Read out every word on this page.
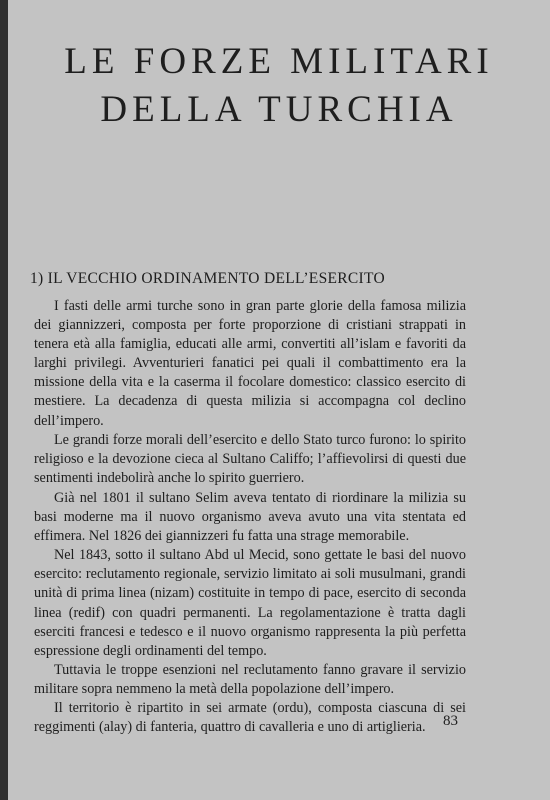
LE FORZE MILITARI
DELLA TURCHIA
1) IL VECCHIO ORDINAMENTO DELL’ESERCITO

I fasti delle armi turche sono in gran parte glorie della famosa milizia dei giannizzeri, composta per forte proporzione di cristiani strappati in tenera età alla famiglia, educati alle armi, convertiti all’islam e favoriti da larghi privilegi. Avventurieri fanatici pei quali il combattimento era la missione della vita e la caserma il focolare domestico: classico esercito di mestiere. La decadenza di questa milizia si accompagna col declino dell’impero.

Le grandi forze morali dell’esercito e dello Stato turco furono: lo spirito religioso e la devozione cieca al Sultano Califfo; l’affievolirsi di questi due sentimenti indebolirà anche lo spirito guerriero.

Già nel 1801 il sultano Selim aveva tentato di riordinare la milizia su basi moderne ma il nuovo organismo aveva avuto una vita stentata ed effimera. Nel 1826 dei giannizzeri fu fatta una strage memorabile.

Nel 1843, sotto il sultano Abd ul Mecid, sono gettate le basi del nuovo esercito: reclutamento regionale, servizio limitato ai soli musulmani, grandi unità di prima linea (nizam) costituite in tempo di pace, esercito di seconda linea (redif) con quadri permanenti. La regolamentazione è tratta dagli eserciti francesi e tedesco e il nuovo organismo rappresenta la più perfetta espressione degli ordinamenti del tempo.

Tuttavia le troppe esenzioni nel reclutamento fanno gravare il servizio militare sopra nemmeno la metà della popolazione dell’impero.

Il territorio è ripartito in sei armate (ordu), composta ciascuna di sei reggimenti (alay) di fanteria, quattro di cavalleria e uno di artiglieria.	83
